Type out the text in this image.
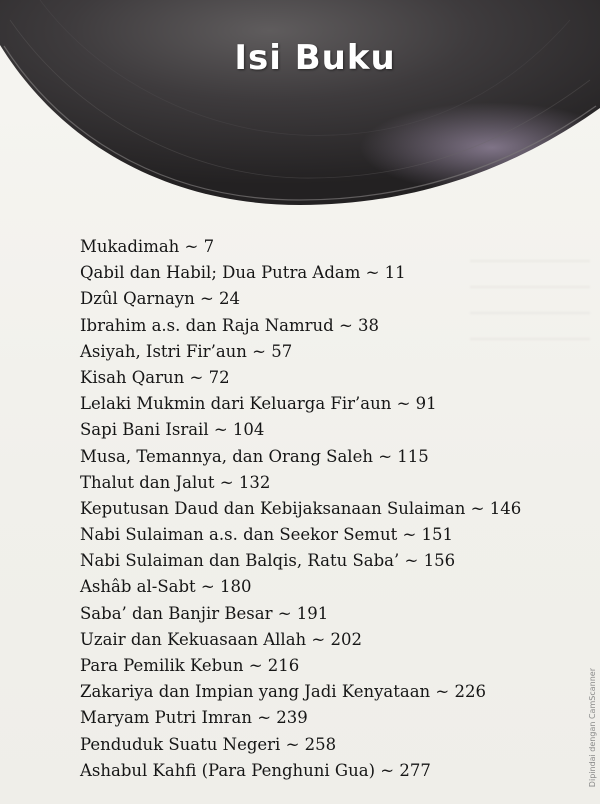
Isi Buku
Mukadimah ~ 7
Qabil dan Habil; Dua Putra Adam ~ 11
Dzûl Qarnayn ~ 24
Ibrahim a.s. dan Raja Namrud ~ 38
Asiyah, Istri Fir’aun ~ 57
Kisah Qarun ~ 72
Lelaki Mukmin dari Keluarga Fir’aun ~ 91
Sapi Bani Israil ~ 104
Musa, Temannya, dan Orang Saleh ~ 115
Thalut dan Jalut ~ 132
Keputusan Daud dan Kebijaksanaan Sulaiman ~ 146
Nabi Sulaiman a.s. dan Seekor Semut ~ 151
Nabi Sulaiman dan Balqis, Ratu Saba’ ~ 156
Ashâb al-Sabt ~ 180
Saba’ dan Banjir Besar ~ 191
Uzair dan Kekuasaan Allah ~ 202
Para Pemilik Kebun ~ 216
Zakariya dan Impian yang Jadi Kenyataan ~ 226
Maryam Putri Imran ~ 239
Penduduk Suatu Negeri ~ 258
Ashabul Kahfi (Para Penghuni Gua) ~ 277	Dipindai dengan CamScanner
